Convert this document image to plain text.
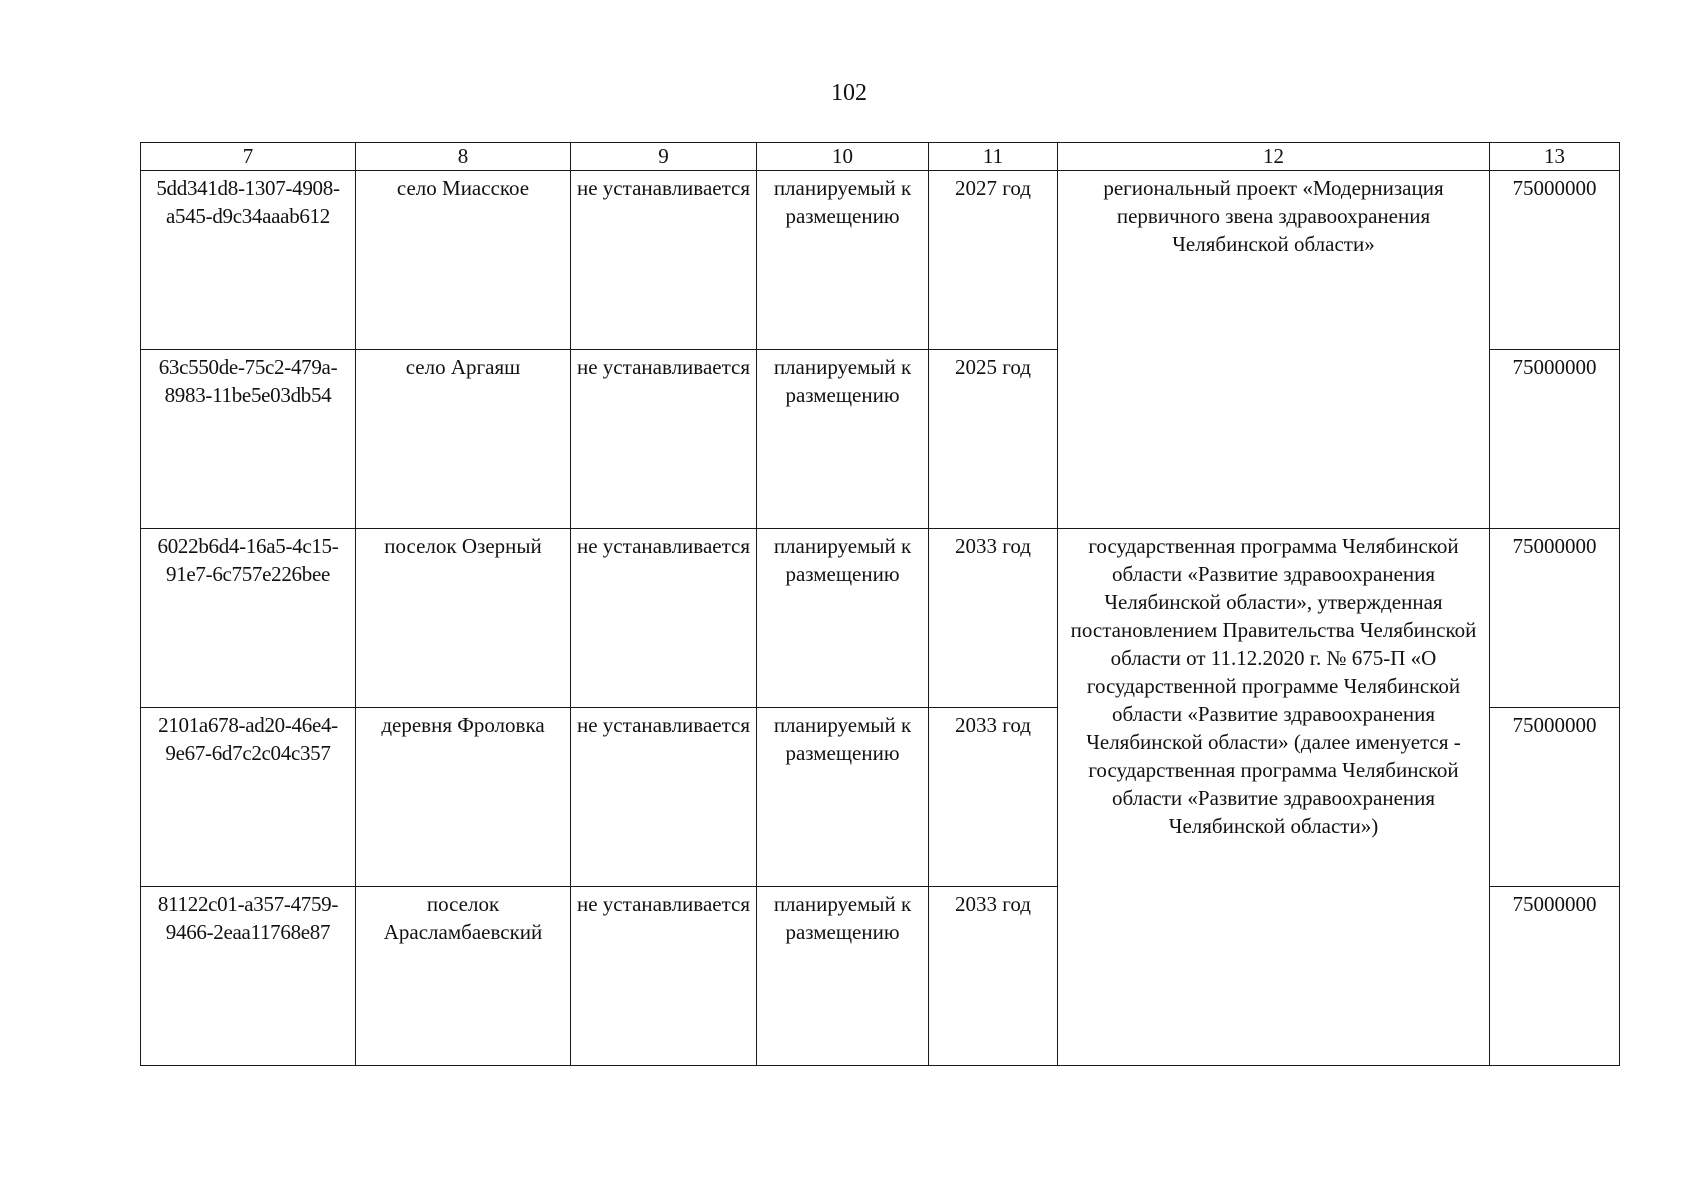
102
7	8	9	10	11	12	13
5dd341d8-1307-4908-a545-d9c34aaab612	село Миасское	не устанавливается	планируемый к размещению	2027 год	региональный проект «Модернизация первичного звена здравоохранения Челябинской области»	75000000
63c550de-75c2-479a-8983-11be5e03db54	село Аргаяш	не устанавливается	планируемый к размещению	2025 год		75000000
6022b6d4-16a5-4c15-91e7-6c757e226bee	поселок Озерный	не устанавливается	планируемый к размещению	2033 год	государственная программа Челябинской области «Развитие здравоохранения Челябинской области», утвержденная постановлением Правительства Челябинской области от 11.12.2020 г. № 675-П «О государственной программе Челябинской области «Развитие здравоохранения Челябинской области» (далее именуется - государственная программа Челябинской области «Развитие здравоохранения Челябинской области»)	75000000
2101a678-ad20-46e4-9e67-6d7c2c04c357	деревня Фроловка	не устанавливается	планируемый к размещению	2033 год		75000000
81122c01-a357-4759-9466-2eaa11768e87	поселок Араcламбаевский	не устанавливается	планируемый к размещению	2033 год		75000000
